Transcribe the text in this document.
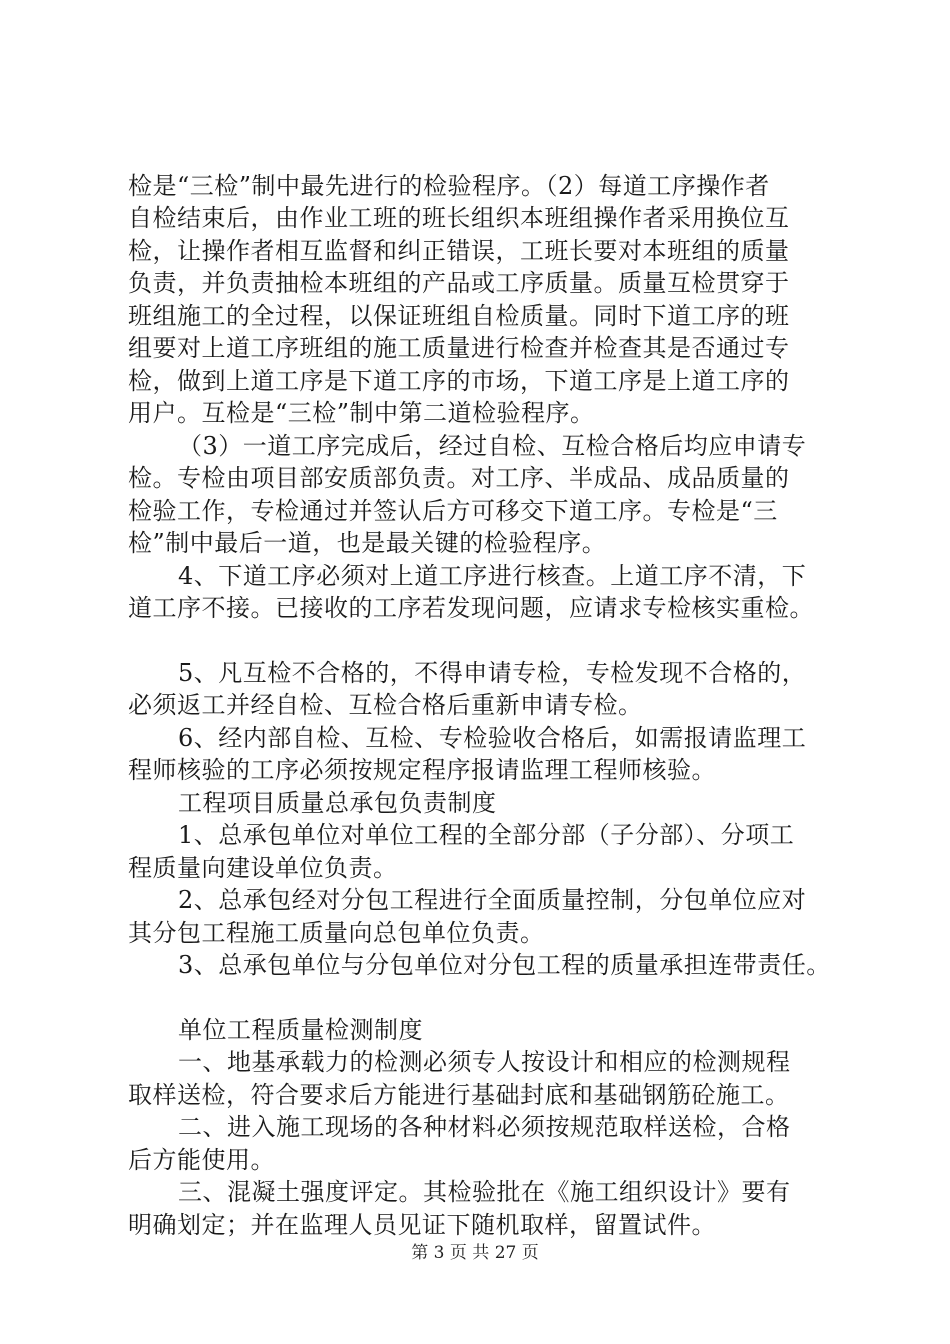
检是“三检”制中最先进行的检验程序。（2）每道工序操作者
自检结束后，由作业工班的班长组织本班组操作者采用换位互
检，让操作者相互监督和纠正错误，工班长要对本班组的质量
负责，并负责抽检本班组的产品或工序质量。质量互检贯穿于
班组施工的全过程，以保证班组自检质量。同时下道工序的班
组要对上道工序班组的施工质量进行检查并检查其是否通过专
检，做到上道工序是下道工序的市场，下道工序是上道工序的
用户。互检是“三检”制中第二道检验程序。
（3）一道工序完成后，经过自检、互检合格后均应申请专
检。专检由项目部安质部负责。对工序、半成品、成品质量的
检验工作，专检通过并签认后方可移交下道工序。专检是“三
检”制中最后一道，也是最关键的检验程序。
4、下道工序必须对上道工序进行核查。上道工序不清，下
道工序不接。已接收的工序若发现问题，应请求专检核实重检。
5、凡互检不合格的，不得申请专检，专检发现不合格的，
必须返工并经自检、互检合格后重新申请专检。
6、经内部自检、互检、专检验收合格后，如需报请监理工
程师核验的工序必须按规定程序报请监理工程师核验。
工程项目质量总承包负责制度
1、总承包单位对单位工程的全部分部（子分部）、分项工
程质量向建设单位负责。
2、总承包经对分包工程进行全面质量控制，分包单位应对
其分包工程施工质量向总包单位负责。
3、总承包单位与分包单位对分包工程的质量承担连带责任。
单位工程质量检测制度
一、地基承载力的检测必须专人按设计和相应的检测规程
取样送检，符合要求后方能进行基础封底和基础钢筋砼施工。
二、进入施工现场的各种材料必须按规范取样送检，合格
后方能使用。
三、混凝土强度评定。其检验批在《施工组织设计》要有
明确划定；并在监理人员见证下随机取样，留置试件。
第 3 页 共 27 页
